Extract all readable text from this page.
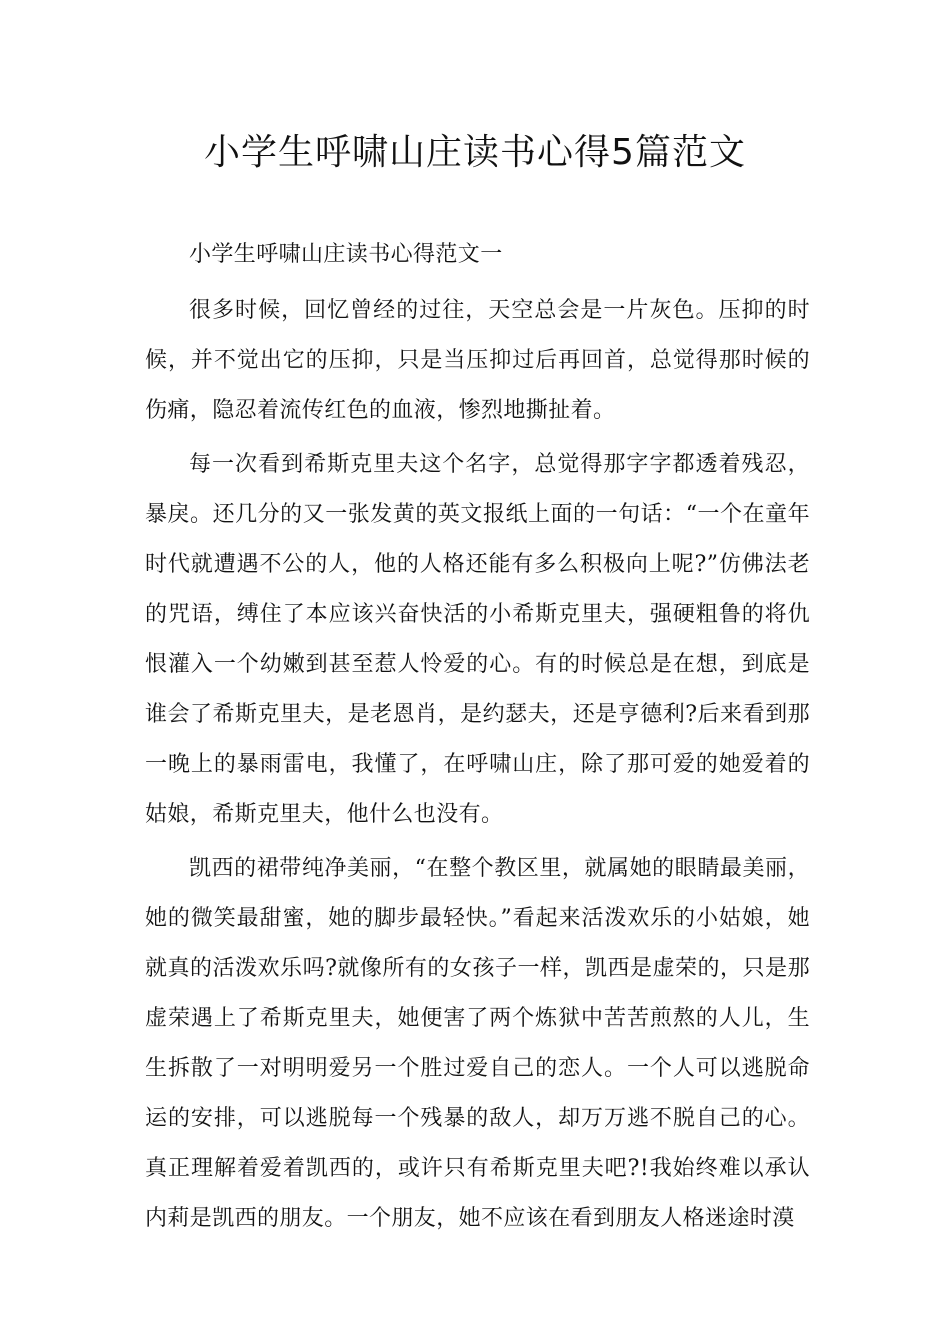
小学生呼啸山庄读书心得5篇范文

小学生呼啸山庄读书心得范文一

很多时候，回忆曾经的过往，天空总会是一片灰色。压抑的时候，并不觉出它的压抑，只是当压抑过后再回首，总觉得那时候的伤痛，隐忍着流传红色的血液，惨烈地撕扯着。

每一次看到希斯克里夫这个名字，总觉得那字字都透着残忍，暴戾。还几分的又一张发黄的英文报纸上面的一句话：“一个在童年时代就遭遇不公的人，他的人格还能有多么积极向上呢?”仿佛法老的咒语，缚住了本应该兴奋快活的小希斯克里夫，强硬粗鲁的将仇恨灌入一个幼嫩到甚至惹人怜爱的心。有的时候总是在想，到底是谁会了希斯克里夫，是老恩肖，是约瑟夫，还是亨德利?后来看到那一晚上的暴雨雷电，我懂了，在呼啸山庄，除了那可爱的她爱着的姑娘，希斯克里夫，他什么也没有。

凯西的裙带纯净美丽，“在整个教区里，就属她的眼睛最美丽，她的微笑最甜蜜，她的脚步最轻快。”看起来活泼欢乐的小姑娘，她就真的活泼欢乐吗?就像所有的女孩子一样，凯西是虚荣的，只是那虚荣遇上了希斯克里夫，她便害了两个炼狱中苦苦煎熬的人儿，生生拆散了一对明明爱另一个胜过爱自己的恋人。一个人可以逃脱命运的安排，可以逃脱每一个残暴的敌人，却万万逃不脱自己的心。真正理解着爱着凯西的，或许只有希斯克里夫吧?!我始终难以承认内莉是凯西的朋友。一个朋友，她不应该在看到朋友人格迷途时漠
